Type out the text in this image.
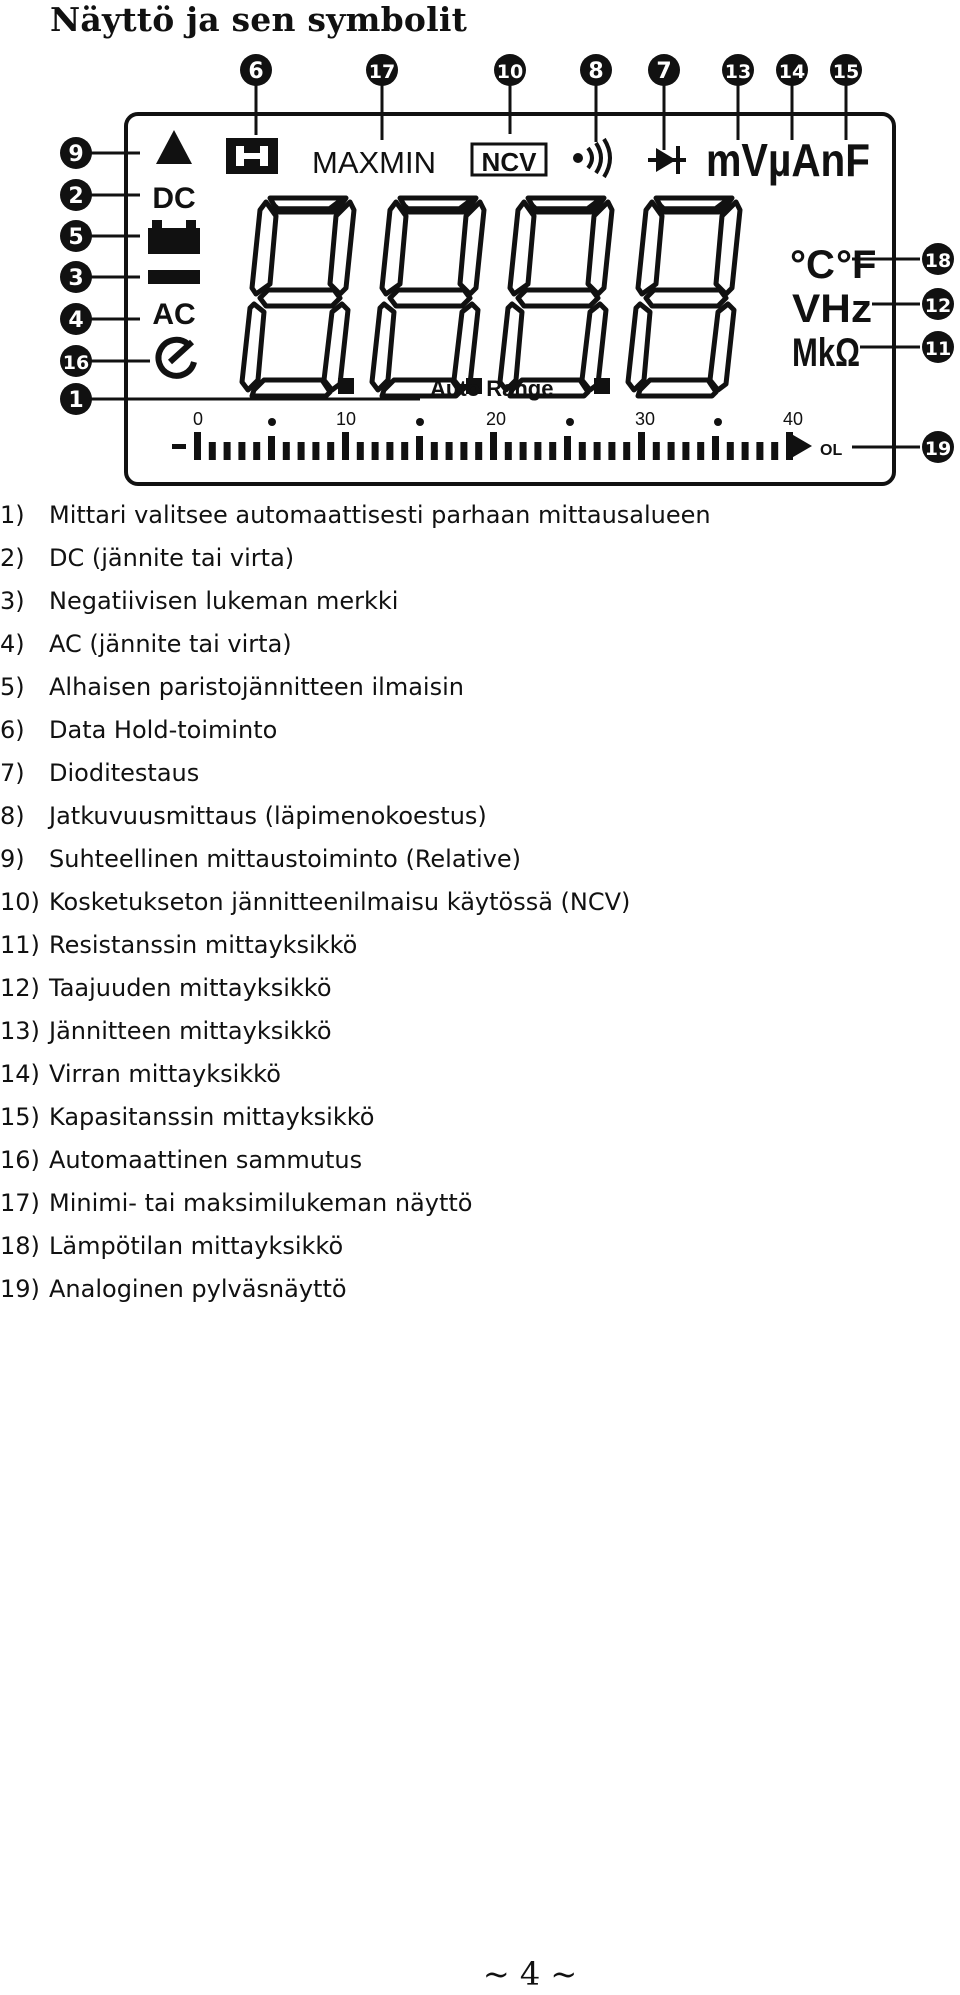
Näyttö ja sen symbolit
1
2
3
4
5
6	7
8
9
10
11
12
13 14 15
16
17
18
19
DC
AC
MAXMIN NCV	mV µAnF
°C °F
VHz
MkΩ
Auto Range
0	10	20	30	40
OL
1)	Mittari valitsee automaattisesti parhaan mittausalueen
2)	DC (jännite tai virta)
3)	Negatiivisen lukeman merkki
4)	AC (jännite tai virta)
5)	Alhaisen paristojännitteen ilmaisin
6)	Data Hold-toiminto
7)	Dioditestaus
8)	Jatkuvuusmittaus (läpimenokoestus)
9)	Suhteellinen mittaustoiminto (Relative)
10) Kosketukseton jännitteenilmaisu käytössä (NCV)
11) Resistanssin mittayksikkö
12) Taajuuden mittayksikkö
13) Jännitteen mittayksikkö
14) Virran mittayksikkö
15) Kapasitanssin mittayksikkö
16) Automaattinen sammutus
17) Minimi- tai maksimilukeman näyttö
18) Lämpötilan mittayksikkö
19) Analoginen pylväsnäyttö
~ 4 ~
